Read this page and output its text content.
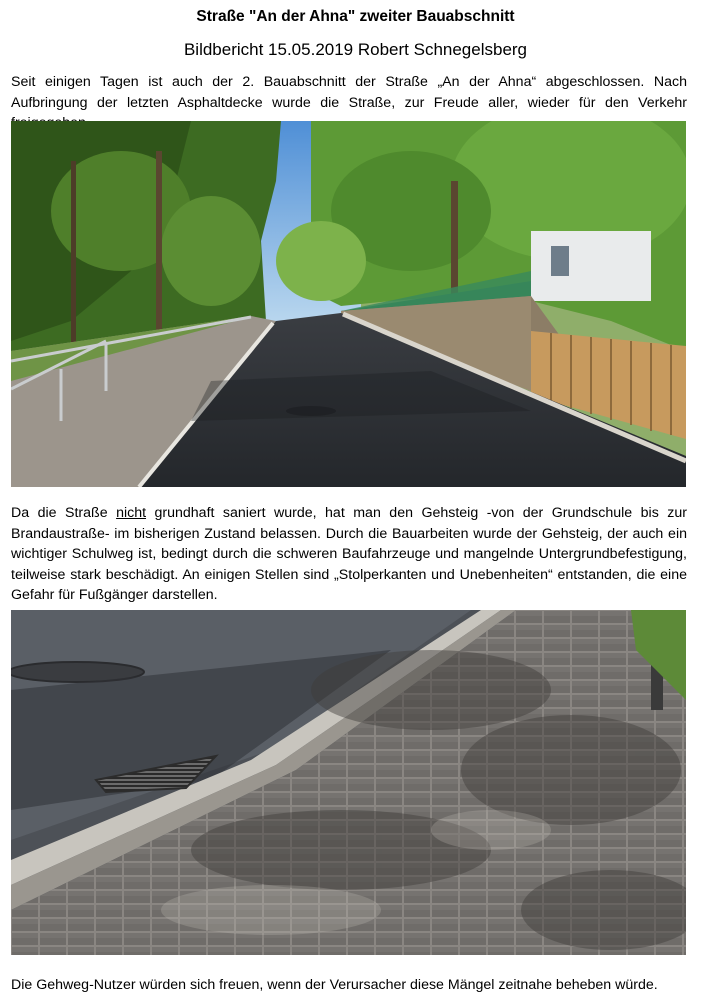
Straße "An der Ahna" zweiter Bauabschnitt
Bildbericht 15.05.2019 Robert Schnegelsberg
Seit einigen Tagen ist auch der 2. Bauabschnitt der Straße „An der Ahna“ abgeschlossen. Nach Aufbringung der letzten Asphaltdecke wurde die Straße, zur Freude aller, wieder für den Verkehr
Da die Straße nicht grundhaft saniert wurde, hat man den Gehsteig -von der Grundschule bis zur Brandaustraße- im bisherigen Zustand belassen. Durch die Bauarbeiten wurde der Gehsteig, der auch ein wichtiger Schulweg ist, bedingt durch die schweren Baufahrzeuge und mangelnde Untergrundbefestigung, teilweise stark beschädigt. An einigen Stellen sind „Stolperkanten und Unebenheiten“ entstanden, die eine Gefahr für Fußgänger darstellen.
Die Gehweg-Nutzer würden sich freuen, wenn der Verursacher diese Mängel zeitnahe beheben würde.
